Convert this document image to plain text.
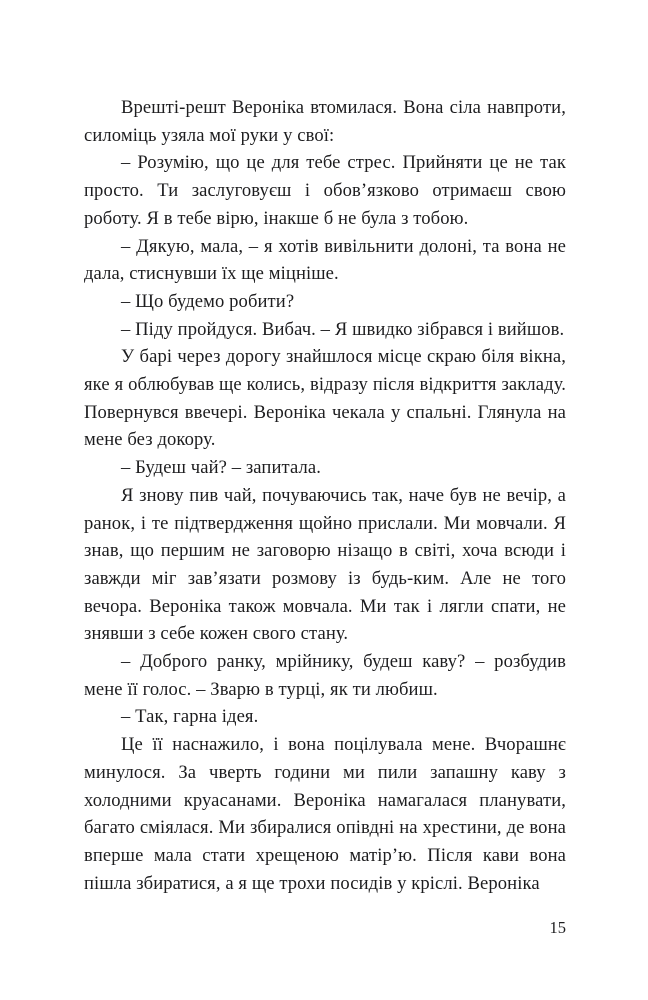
Врешті-решт Вероніка втомилася. Вона сіла навпроти, силоміць узяла мої руки у свої:

– Розумію, що це для тебе стрес. Прийняти це не так просто. Ти заслуговуєш і обов’язково отримаєш свою роботу. Я в тебе вірю, інакше б не була з тобою.

– Дякую, мала, – я хотів вивільнити долоні, та вона не дала, стиснувши їх ще міцніше.

– Що будемо робити?

– Піду пройдуся. Вибач. – Я швидко зібрався і вийшов.

У барі через дорогу знайшлося місце скраю біля вікна, яке я облюбував ще колись, відразу після відкриття закладу. Повернувся ввечері. Вероніка чекала у спальні. Глянула на мене без докору.

– Будеш чай? – запитала.

Я знову пив чай, почуваючись так, наче був не вечір, а ранок, і те підтвердження щойно прислали. Ми мовчали. Я знав, що першим не заговорю нізащо в світі, хоча всюди і завжди міг зав’язати розмову із будь-ким. Але не того вечора. Вероніка також мовчала. Ми так і лягли спати, не знявши з себе кожен свого стану.

– Доброго ранку, мрійнику, будеш каву? – розбудив мене її голос. – Зварю в турці, як ти любиш.

– Так, гарна ідея.

Це її наснажило, і вона поцілувала мене. Вчорашнє минулося. За чверть години ми пили запашну каву з холодними круасанами. Вероніка намагалася планувати, багато сміялася. Ми збиралися опівдні на хрестини, де вона вперше мала стати хрещеною матір’ю. Після кави вона пішла збиратися, а я ще трохи посидів у кріслі. Вероніка

15
